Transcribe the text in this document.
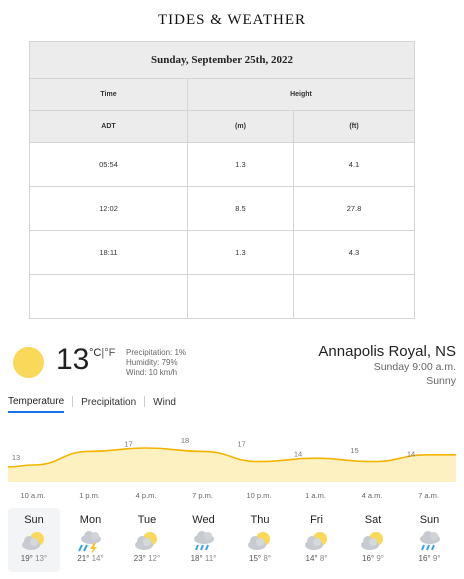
TIDES & WEATHER
Sunday, September 25th, 2022		
Time	Height	
ADT	(m)	(ft)
05:54	1.3	4.1
12:02	8.5	27.8
18:11	1.3	4.3

13 °C|°F Precipitation: 1%
Humidity: 79%
Wind: 10 km/h
Annapolis Royal, NS
Sunday 9:00 a.m.
Sunny
Temperature Precipitation Wind
13
10 a.m.
17
1 p.m.
18
4 p.m.
17
7 p.m.
14
10 p.m.
15
1 a.m.
14
4 a.m.	7 a.m.
Sun
19° 13°
Mon
21° 14°
Tue
23° 12°
Wed
18° 11°
Thu
15° 8°
Fri
14° 8°
Sat
16° 9°
Sun
16° 9°
